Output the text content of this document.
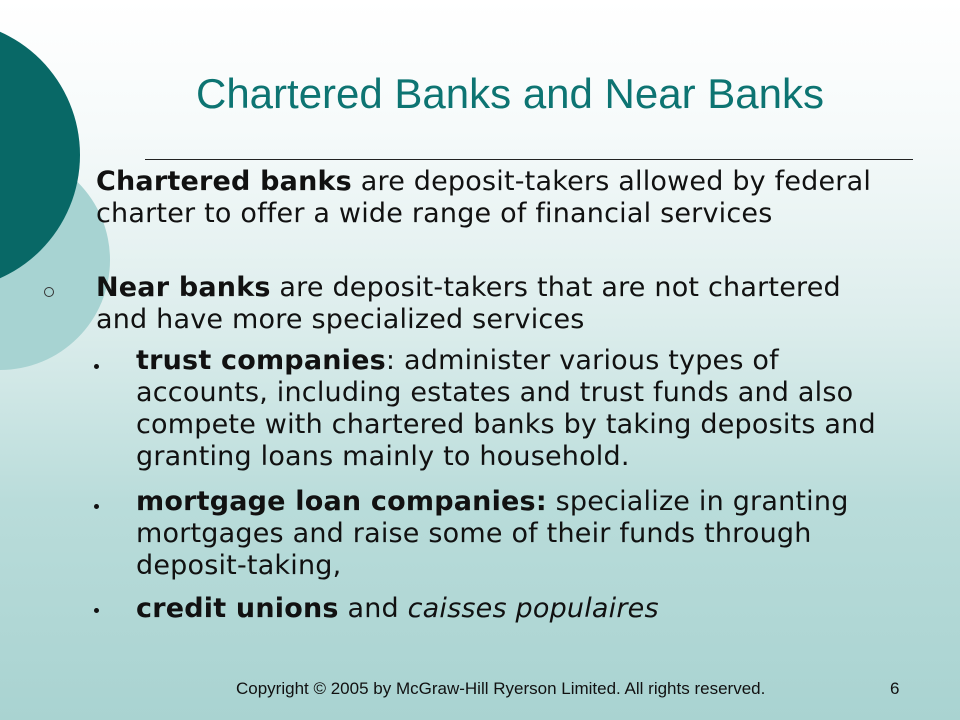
Chartered Banks and Near Banks
Chartered banks are deposit-takers allowed by federal charter to offer a wide range of financial services
Near banks are deposit-takers that are not chartered and have more specialized services
trust companies: administer various types of accounts, including estates and trust funds and also compete with chartered banks by taking deposits and granting loans mainly to household.
mortgage loan companies: specialize in granting mortgages and raise some of their funds through deposit-taking,
credit unions and caisses populaires
Copyright © 2005 by McGraw-Hill Ryerson Limited. All rights reserved.	6
